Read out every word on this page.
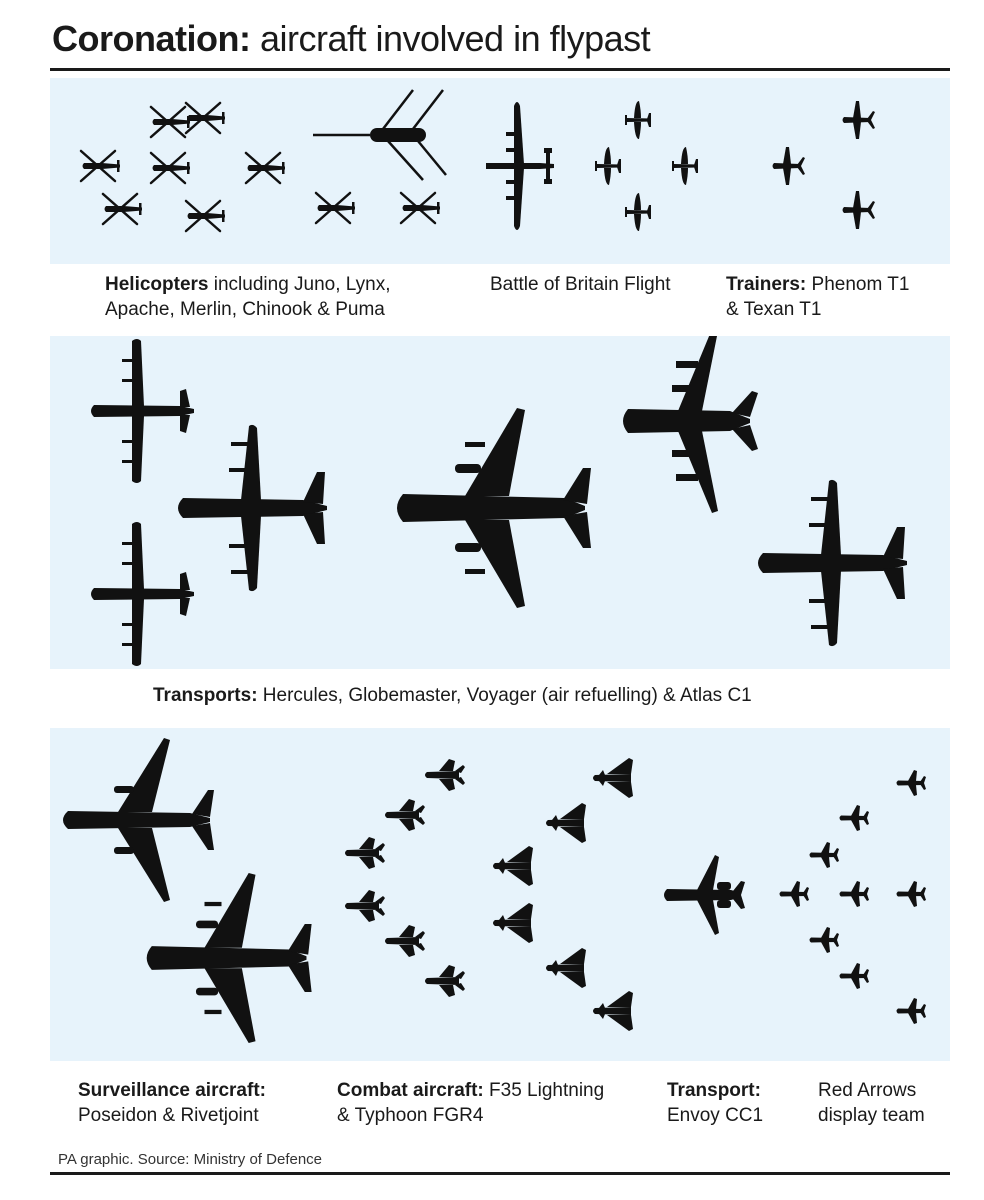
Coronation: aircraft involved in flypast
Helicopters including Juno, Lynx,
Apache, Merlin, Chinook & Puma
Battle of Britain Flight	Trainers: Phenom T1
& Texan T1
Transports: Hercules, Globemaster, Voyager (air refuelling) & Atlas C1
Surveillance aircraft:
Poseidon & Rivetjoint
Combat aircraft: F35 Lightning
& Typhoon FGR4
Transport:
Envoy CC1
Red Arrows
display team
PA graphic. Source: Ministry of Defence
